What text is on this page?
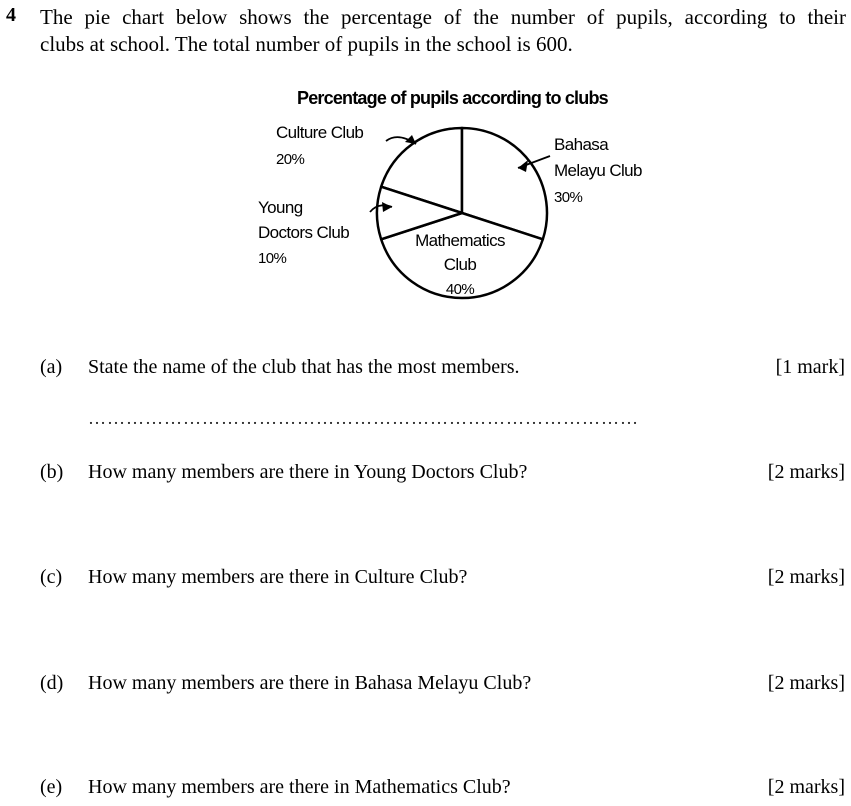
4 The pie chart below shows the percentage of the number of pupils, according to their
clubs at school. The total number of pupils in the school is 600.
Percentage of pupils according to clubs
Culture Club 20%
Bahasa Melayu Club 30%
Mathematics Club 40%
Young Doctors Club 10%
(a) State the name of the club that has the most members.	[1 mark]
……………………………………………………………………………
(b) How many members are there in Young Doctors Club?	[2 marks]
(c) How many members are there in Culture Club?	[2 marks]
(d) How many members are there in Bahasa Melayu Club?	[2 marks]
(e) How many members are there in Mathematics Club?	[2 marks]
